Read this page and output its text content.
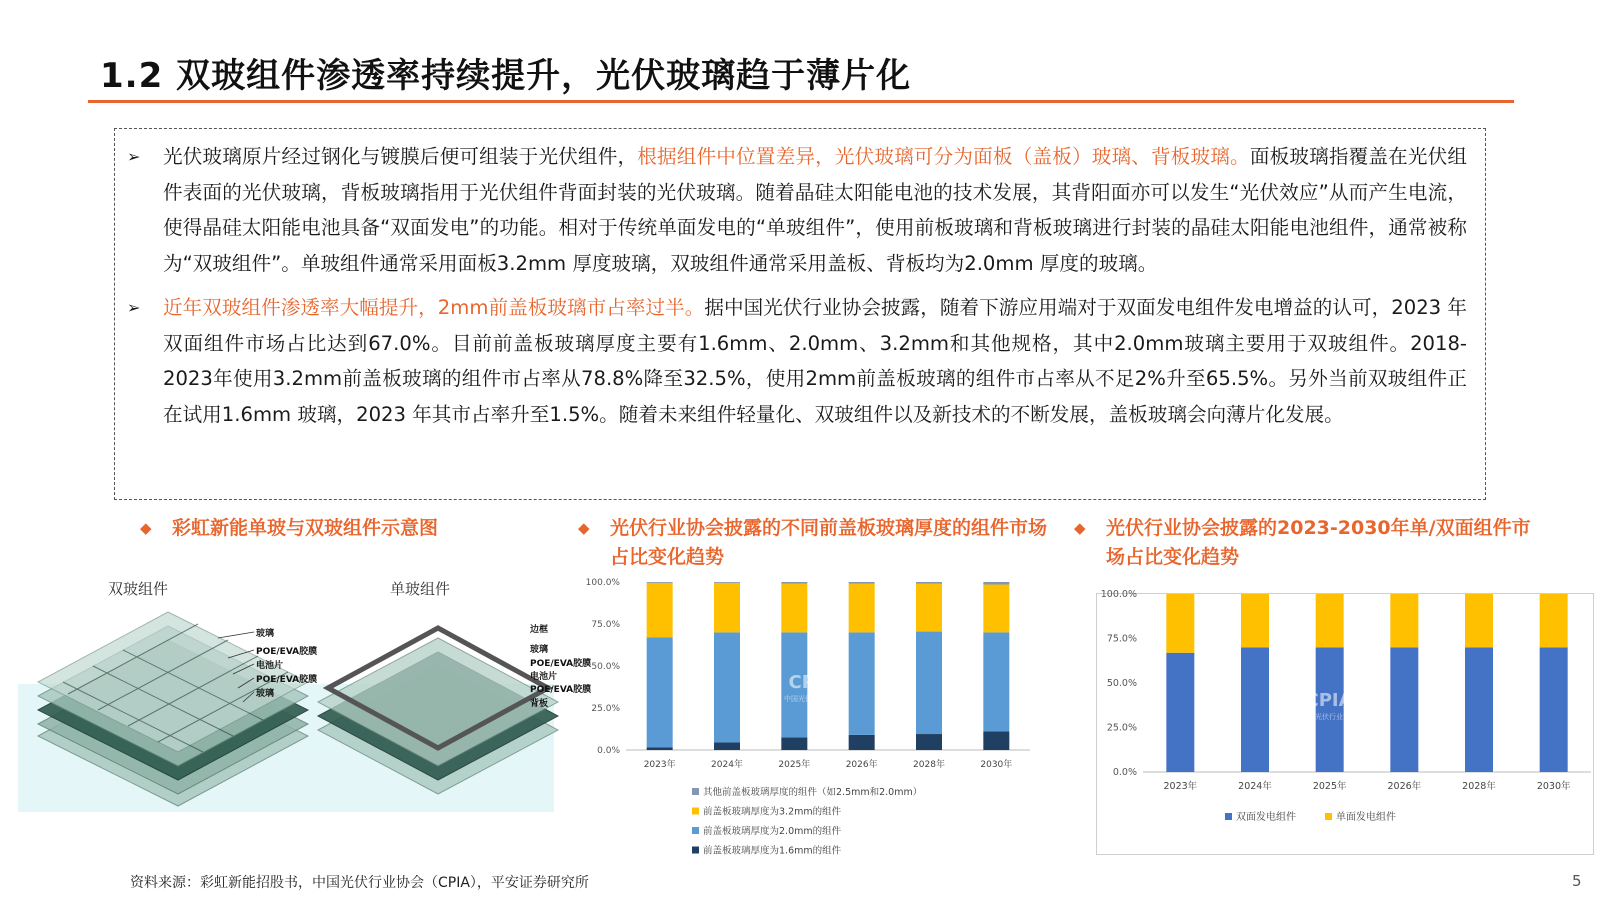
1.2 双玻组件渗透率持续提升，光伏玻璃趋于薄片化
➢	光伏玻璃原片经过钢化与镀膜后便可组装于光伏组件，根据组件中位置差异，光伏玻璃可分为面板（盖板）玻璃、背板玻璃。面板玻璃指覆盖在光伏组件表面的光伏玻璃，背板玻璃指用于光伏组件背面封装的光伏玻璃。随着晶硅太阳能电池的技术发展，其背阳面亦可以发生“光伏效应”从而产生电流，使得晶硅太阳能电池具备“双面发电”的功能。相对于传统单面发电的“单玻组件”，使用前板玻璃和背板玻璃进行封装的晶硅太阳能电池组件，通常被称为“双玻组件”。单玻组件通常采用面板3.2mm 厚度玻璃，双玻组件通常采用盖板、背板均为2.0mm 厚度的玻璃。
➢	近年双玻组件渗透率大幅提升，2mm前盖板玻璃市占率过半。据中国光伏行业协会披露，随着下游应用端对于双面发电组件发电增益的认可，2023 年双面组件市场占比达到67.0%。目前前盖板玻璃厚度主要有1.6mm、2.0mm、3.2mm和其他规格，其中2.0mm玻璃主要用于双玻组件。2018-2023年使用3.2mm前盖板玻璃的组件市占率从78.8%降至32.5%，使用2mm前盖板玻璃的组件市占率从不足2%升至65.5%。另外当前双玻组件正在试用1.6mm 玻璃，2023 年其市占率升至1.5%。随着未来组件轻量化、双玻组件以及新技术的不断发展，盖板玻璃会向薄片化发展。
◆ 彩虹新能单玻与双玻组件示意图	◆ 光伏行业协会披露的不同前盖板玻璃厚度的组件市场占比变化趋势
◆ 光伏行业协会披露的2023-2030年单/双面组件市场占比变化趋势
双玻组件
玻璃
POE/EVA胶膜
电池片
POE/EVA胶膜
玻璃
单玻组件
边框
玻璃
POE/EVA胶膜
电池片
POE/EVA胶膜
背板
0.0%
25.0%
50.0%
75.0%
100.0%
2023年	2024年	2025年	2026年	2028年	2030年
CPIA
中国光伏行业协会
其他前盖板玻璃厚度的组件（如2.5mm和2.0mm）
前盖板玻璃厚度为3.2mm的组件
前盖板玻璃厚度为2.0mm的组件
前盖板玻璃厚度为1.6mm的组件
0.0%
25.0%
50.0%
75.0%
100.0%
2023年	2024年	2025年	2026年	2028年	2030年
CPIA
中国光伏行业协会
双面发电组件	单面发电组件
资料来源：彩虹新能招股书，中国光伏行业协会（CPIA），平安证券研究所	5
